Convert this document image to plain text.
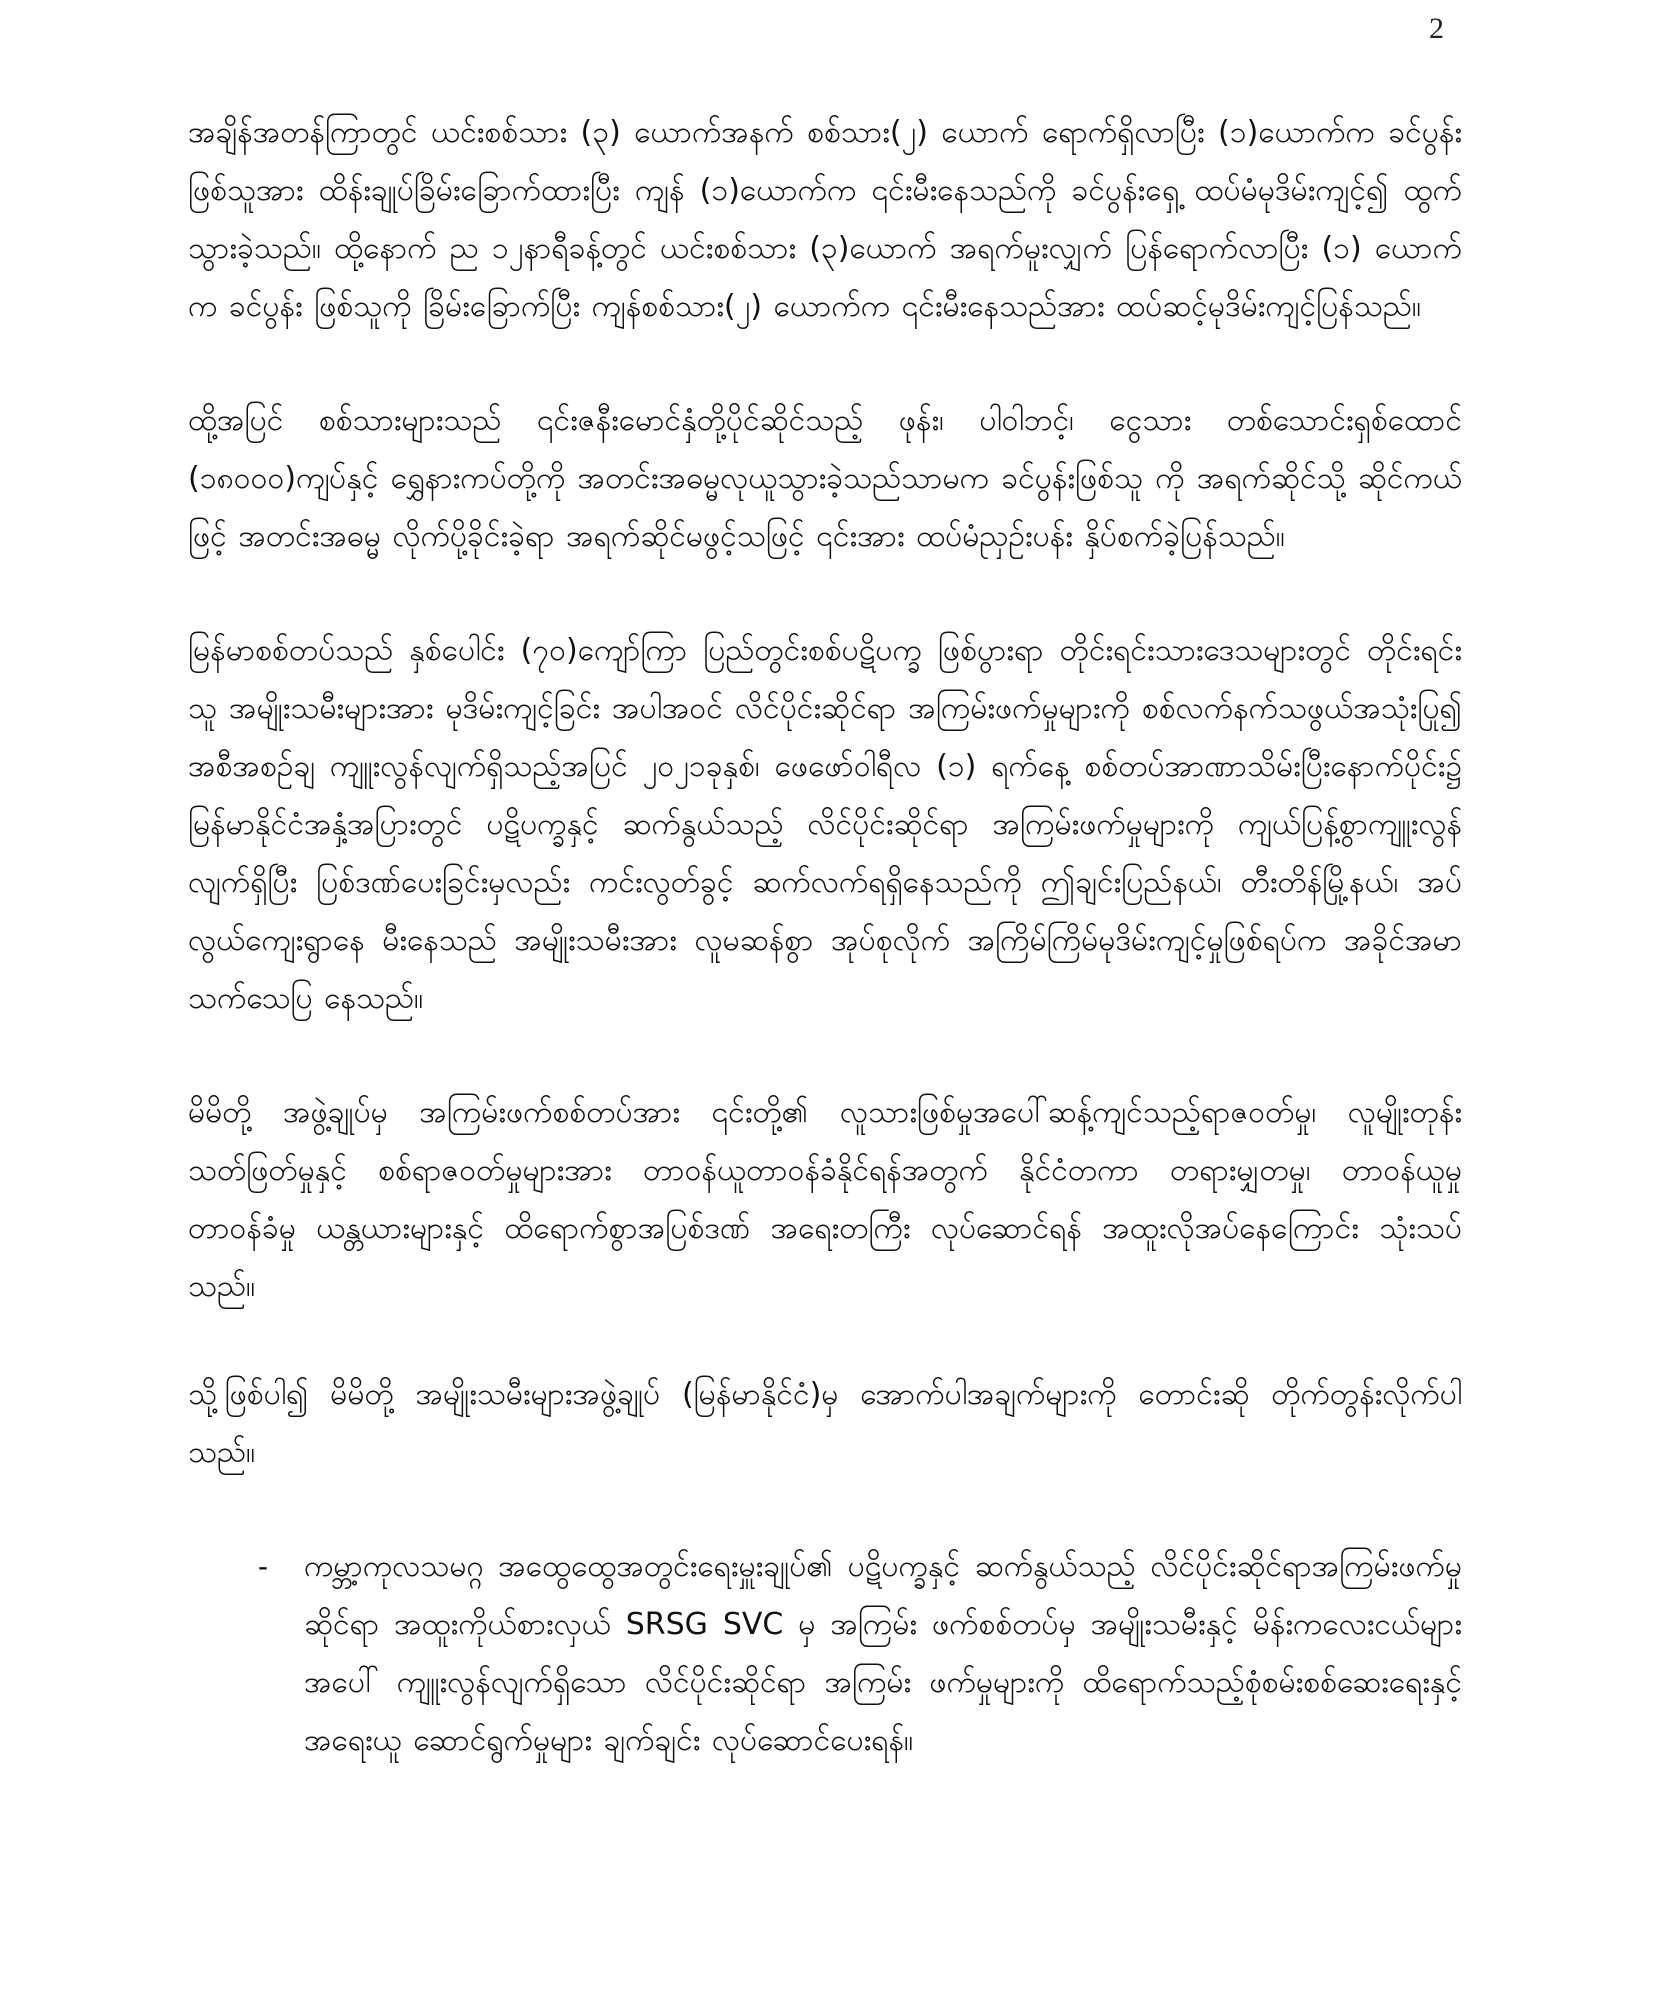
2

အချိန်အတန်ကြာတွင် ယင်းစစ်သား (၃) ယောက်အနက် စစ်သား(၂) ယောက် ရောက်ရှိလာပြီး (၁)ယောက်က ခင်ပွန်းဖြစ်သူအား ထိန်းချုပ်ခြိမ်းခြောက်ထားပြီး ကျန် (၁)ယောက်က ၎င်းမီးနေသည်ကို ခင်ပွန်းရှေ့ ထပ်မံမုဒိမ်းကျင့်၍ ထွက်သွားခဲ့သည်။ ထို့နောက် ည ၁၂နာရီခန့်တွင် ယင်းစစ်သား (၃)ယောက် အရက်မူးလျှက် ပြန်ရောက်လာပြီး (၁) ယောက်က ခင်ပွန်း ဖြစ်သူကို ခြိမ်းခြောက်ပြီး ကျန်စစ်သား(၂) ယောက်က ၎င်းမီးနေသည်အား ထပ်ဆင့်မုဒိမ်းကျင့်ပြန်သည်။

ထို့အပြင် စစ်သားများသည် ၎င်းဇနီးမောင်နှံတို့ပိုင်ဆိုင်သည့် ဖုန်း၊ ပါဝါဘင့်၊ ငွေသား တစ်သောင်းရှစ်ထောင် (၁၈၀၀၀)ကျပ်နှင့် ရွှေနားကပ်တို့ကို အတင်းအဓမ္မလုယူသွားခဲ့သည်သာမက ခင်ပွန်းဖြစ်သူ ကို အရက်ဆိုင်သို့ ဆိုင်ကယ်ဖြင့် အတင်းအဓမ္မ လိုက်ပို့ခိုင်းခဲ့ရာ အရက်ဆိုင်မဖွင့်သဖြင့် ၎င်းအား ထပ်မံညှဉ်းပန်း နှိပ်စက်ခဲ့ပြန်သည်။

မြန်မာစစ်တပ်သည် နှစ်ပေါင်း (၇၀)ကျော်ကြာ ပြည်တွင်းစစ်ပဋိပက္ခ ဖြစ်ပွားရာ တိုင်းရင်းသားဒေသများတွင် တိုင်းရင်းသူ အမျိုးသမီးများအား မုဒိမ်းကျင့်ခြင်း အပါအဝင် လိင်ပိုင်းဆိုင်ရာ အကြမ်းဖက်မှုများကို စစ်လက်နက်သဖွယ်အသုံးပြု၍ အစီအစဉ်ချ ကျူးလွန်လျက်ရှိသည့်အပြင် ၂၀၂၁ခုနှစ်၊ ဖေဖော်ဝါရီလ (၁) ရက်နေ့ စစ်တပ်အာဏာသိမ်းပြီးနောက်ပိုင်း၌ မြန်မာနိုင်ငံအနှံ့အပြားတွင် ပဋိပက္ခနှင့် ဆက်နွယ်သည့် လိင်ပိုင်းဆိုင်ရာ အကြမ်းဖက်မှုများကို ကျယ်ပြန့်စွာကျူးလွန်လျက်ရှိပြီး ပြစ်ဒဏ်ပေးခြင်းမှလည်း ကင်းလွတ်ခွင့် ဆက်လက်ရရှိနေသည်ကို ဤချင်းပြည်နယ်၊ တီးတိန်မြို့နယ်၊ အပ်လွယ်ကျေးရွာနေ မီးနေသည် အမျိုးသမီးအား လူမဆန်စွာ အုပ်စုလိုက် အကြိမ်ကြိမ်မုဒိမ်းကျင့်မှုဖြစ်ရပ်က အခိုင်အမာသက်သေပြ နေသည်။

မိမိတို့ အဖွဲ့ချုပ်မှ အကြမ်းဖက်စစ်တပ်အား ၎င်းတို့၏ လူသားဖြစ်မှုအပေါ်ဆန့်ကျင်သည့်ရာဇဝတ်မှု၊ လူမျိုးတုန်း သတ်ဖြတ်မှုနှင့် စစ်ရာဇဝတ်မှုများအား တာဝန်ယူတာဝန်ခံနိုင်ရန်အတွက် နိုင်ငံတကာ တရားမျှတမှု၊ တာဝန်ယူမှု တာဝန်ခံမှု ယန္တယားများနှင့် ထိရောက်စွာအပြစ်ဒဏ် အရေးတကြီး လုပ်ဆောင်ရန် အထူးလိုအပ်နေကြောင်း သုံးသပ်သည်။

သို့ဖြစ်ပါ၍ မိမိတို့ အမျိုးသမီးများအဖွဲ့ချုပ် (မြန်မာနိုင်ငံ)မှ အောက်ပါအချက်များကို တောင်းဆို တိုက်တွန်းလိုက်ပါသည်။

- ကမ္ဘာ့ကုလသမဂ္ဂ အထွေထွေအတွင်းရေးမှူးချုပ်၏ ပဋိပက္ခနှင့် ဆက်နွယ်သည့် လိင်ပိုင်းဆိုင်ရာအကြမ်းဖက်မှု ဆိုင်ရာ အထူးကိုယ်စားလှယ် SRSG SVC မှ အကြမ်း ဖက်စစ်တပ်မှ အမျိုးသမီးနှင့် မိန်းကလေးငယ်များအပေါ် ကျူးလွန်လျက်ရှိသော လိင်ပိုင်းဆိုင်ရာ အကြမ်း ဖက်မှုများကို ထိရောက်သည့်စုံစမ်းစစ်ဆေးရေးနှင့် အရေးယူ ဆောင်ရွက်မှုများ ချက်ချင်း လုပ်ဆောင်ပေးရန်။
